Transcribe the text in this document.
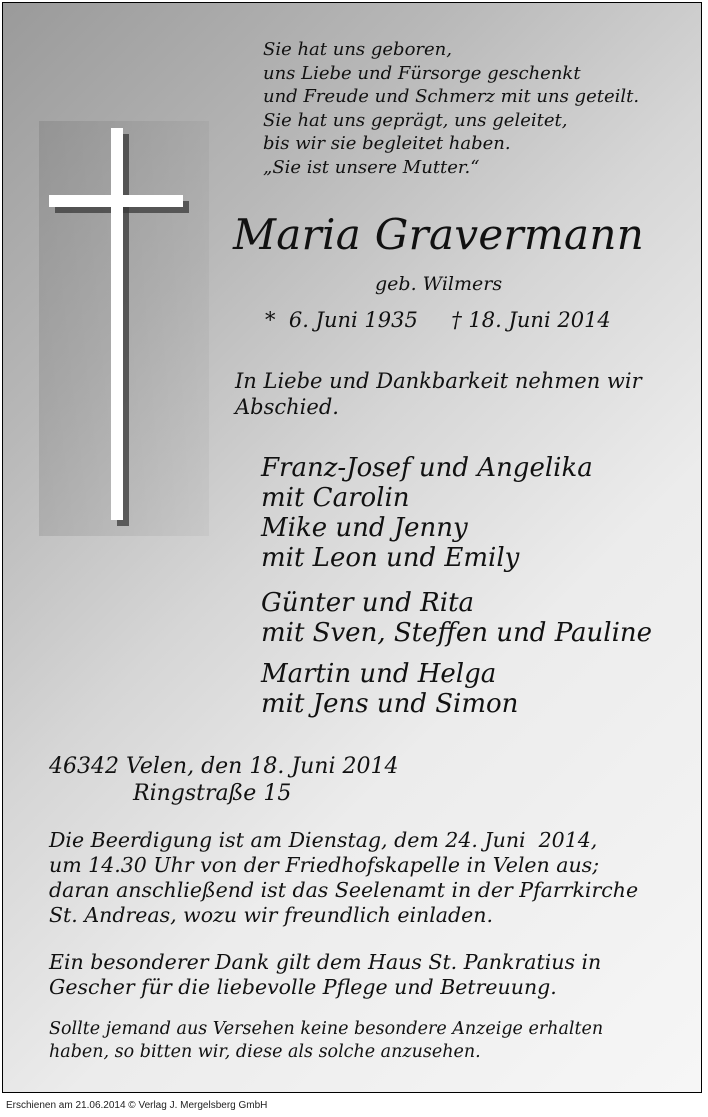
Sie hat uns geboren,
uns Liebe und Fürsorge geschenkt
und Freude und Schmerz mit uns geteilt.
Sie hat uns geprägt, uns geleitet,
bis wir sie begleitet haben.
„Sie ist unsere Mutter.“

Maria Gravermann

geb. Wilmers

*  6. Juni 1935     † 18. Juni 2014

In Liebe und Dankbarkeit nehmen wir
Abschied.

Franz-Josef und Angelika
mit Carolin
Mike und Jenny
mit Leon und Emily

Günter und Rita
mit Sven, Steffen und Pauline

Martin und Helga
mit Jens und Simon

46342 Velen, den 18. Juni 2014

Ringstraße 15

Die Beerdigung ist am Dienstag, dem 24. Juni  2014,
um 14.30 Uhr von der Friedhofskapelle in Velen aus;
daran anschließend ist das Seelenamt in der Pfarrkirche
St. Andreas, wozu wir freundlich einladen.

Ein besonderer Dank gilt dem Haus St. Pankratius in
Gescher für die liebevolle Pflege und Betreuung.

Sollte jemand aus Versehen keine besondere Anzeige erhalten
haben, so bitten wir, diese als solche anzusehen.

Erschienen am 21.06.2014 © Verlag J. Mergelsberg GmbH
